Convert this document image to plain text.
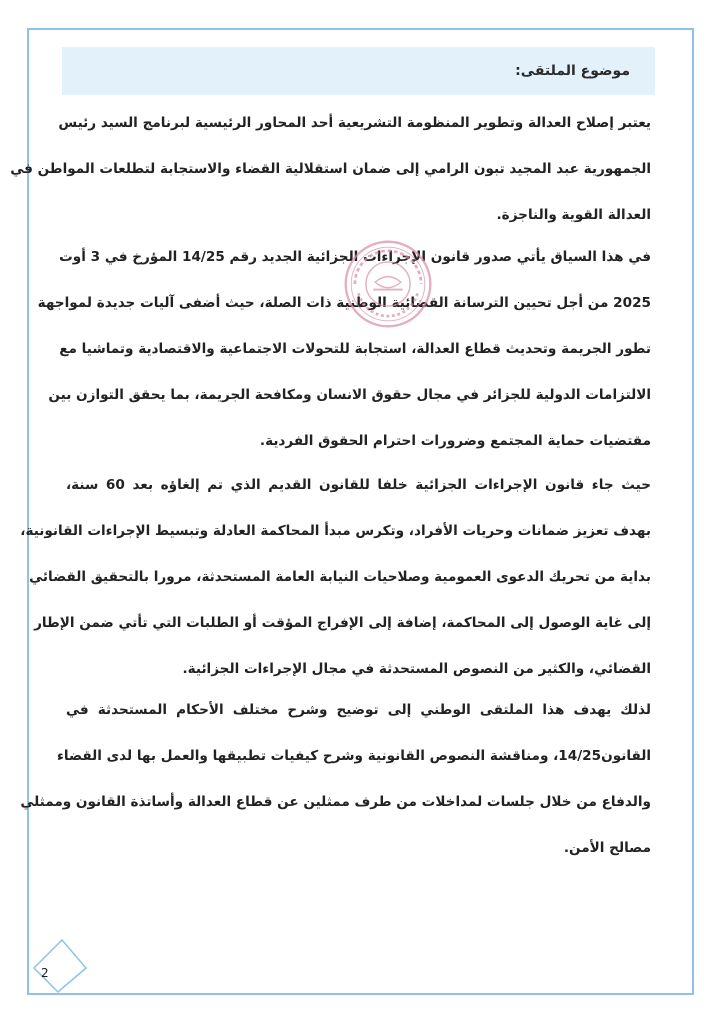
موضوع الملتقى:
يعتبر إصلاح العدالة وتطوير المنظومة التشريعية أحد المحاور الرئيسية لبرنامج السيد رئيس
الجمهورية عبد المجيد تبون الرامي إلى ضمان استقلالية القضاء والاستجابة لتطلعات المواطن في
العدالة القوية والناجزة.
في هذا السياق يأتي صدور قانون الإجراءات الجزائية الجديد رقم 14/25 المؤرخ في 3 أوت
2025 من أجل تحيين الترسانة القضائية الوطنية ذات الصلة، حيث أضفى آليات جديدة لمواجهة
تطور الجريمة وتحديث قطاع العدالة، استجابة للتحولات الاجتماعية والاقتصادية وتماشيا مع
الالتزامات الدولية للجزائر في مجال حقوق الانسان ومكافحة الجريمة، بما يحقق التوازن بين
مقتضيات حماية المجتمع وضرورات احترام الحقوق الفردية.
حيث جاء قانون الإجراءات الجزائية خلفا للقانون القديم الذي تم إلغاؤه بعد 60 سنة،
بهدف تعزيز ضمانات وحريات الأفراد، وتكرس مبدأ المحاكمة العادلة وتبسيط الإجراءات القانونية،
بداية من تحريك الدعوى العمومية وصلاحيات النيابة العامة المستحدثة، مرورا بالتحقيق القضائي
إلى غاية الوصول إلى المحاكمة، إضافة إلى الإفراج المؤقت أو الطلبات التي تأتي ضمن الإطار
القضائي، والكثير من النصوص المستحدثة في مجال الإجراءات الجزائية.
لذلك يهدف هذا الملتقى الوطني إلى توضيح وشرح مختلف الأحكام المستحدثة في
القانون14/25، ومناقشة النصوص القانونية وشرح كيفيات تطبيقها والعمل بها لدى القضاء
والدفاع من خلال جلسات لمداخلات من طرف ممثلين عن قطاع العدالة وأساتذة القانون وممثلي
مصالح الأمن.
2
